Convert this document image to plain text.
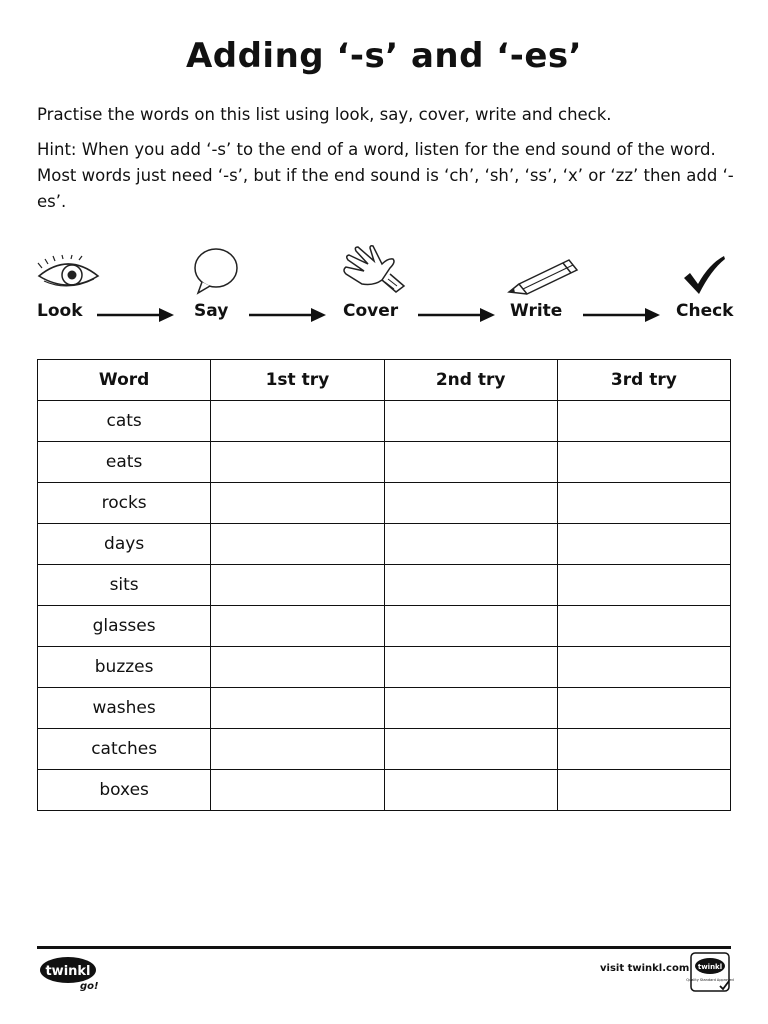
Adding ‘-s’ and ‘-es’
Practise the words on this list using look, say, cover, write and check.
Hint: When you add ‘-s’ to the end of a word, listen for the end sound of the word. Most words just need ‘-s’, but if the end sound is ‘ch’, ‘sh’, ‘ss’, ‘x’ or ‘zz’ then add ‘-es’.
Look	Say	Cover	Write	Check
Word	1st try	2nd try	3rd try
cats			
eats			
rocks			
days			
sits			
glasses			
buzzes			
washes			
catches			
boxes			
twinkl
go!
visit twinkl.com twinkl
Quality Standard Approved
